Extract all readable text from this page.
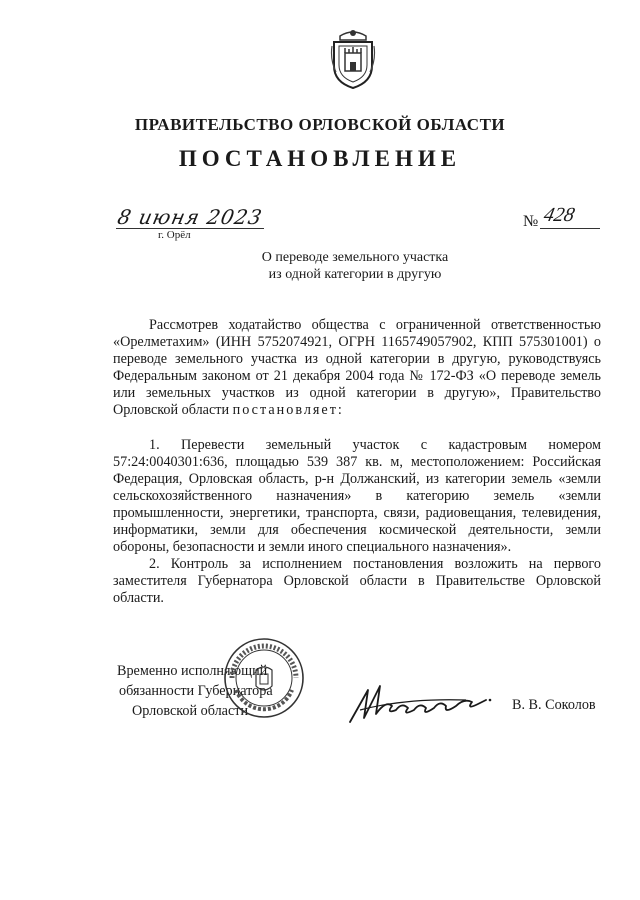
ПРАВИТЕЛЬСТВО ОРЛОВСКОЙ ОБЛАСТИ
ПОСТАНОВЛЕНИЕ
8 июня 2023
г. Орёл
№ 428
О переводе земельного участка
из одной категории в другую

Рассмотрев ходатайство общества с ограниченной ответственностью «Орелметахим» (ИНН 5752074921, ОГРН 1165749057902, КПП 575301001) о переводе земельного участка из одной категории в другую, руководствуясь Федеральным законом от 21 декабря 2004 года № 172-ФЗ «О переводе земель или земельных участков из одной категории в другую», Правительство Орловской области постановляет:

1. Перевести земельный участок с кадастровым номером 57:24:0040301:636, площадью 539 387 кв. м, местоположением: Российская Федерация, Орловская область, р-н Должанский, из категории земель «земли сельскохозяйственного назначения» в категорию земель «земли промышленности, энергетики, транспорта, связи, радиовещания, телевидения, информатики, земли для обеспечения космической деятельности, земли обороны, безопасности и земли иного специального назначения».

2. Контроль за исполнением постановления возложить на первого заместителя Губернатора Орловской области в Правительстве Орловской области.

Временно исполняющий
обязанности Губернатора
Орловской области	В. В. Соколов
